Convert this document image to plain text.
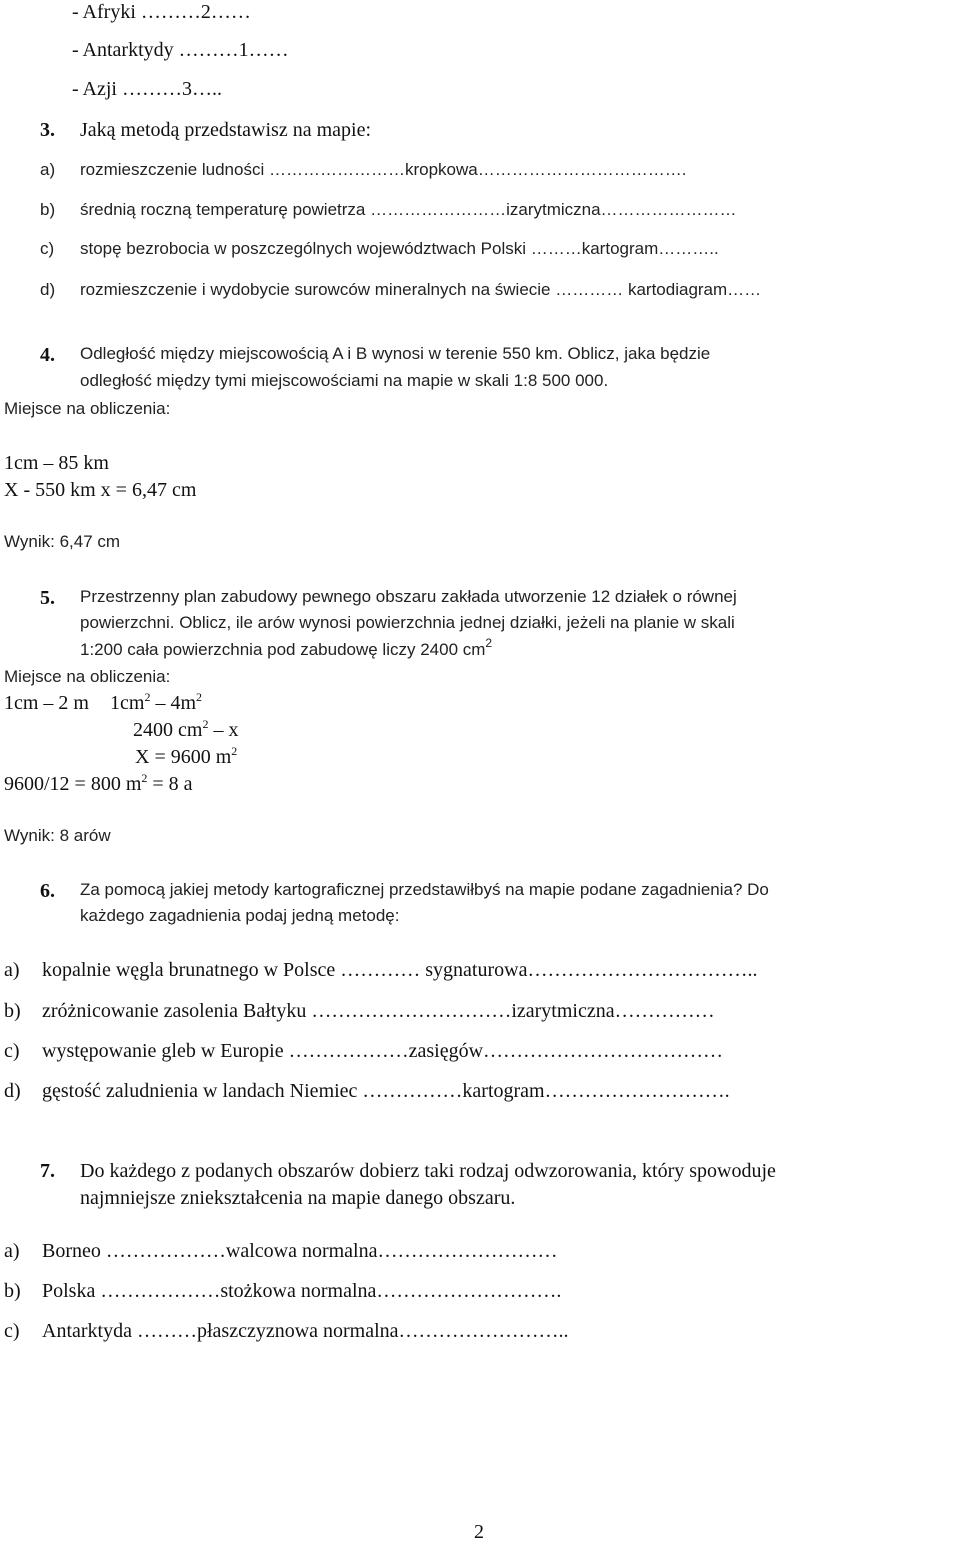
- Afryki ………2……
- Antarktydy ………1……
- Azji ………3…..
3. Jaką metodą przedstawisz na mapie:
a) rozmieszczenie ludności ……………………kropkowa……………………………….
b) średnią roczną temperaturę powietrza ……………………izarytmiczna……………………
c) stopę bezrobocia w poszczególnych województwach Polski ………kartogram………..
d) rozmieszczenie i wydobycie surowców mineralnych na świecie ………… kartodiagram……
4. Odległość między miejscowością A i B wynosi w terenie 550 km. Oblicz, jaka będzie
odległość między tymi miejscowościami na mapie w skali 1:8 500 000.
Miejsce na obliczenia:
1cm – 85 km
X - 550 km x = 6,47 cm
Wynik: 6,47 cm
5. Przestrzenny plan zabudowy pewnego obszaru zakłada utworzenie 12 działek o równej
powierzchni. Oblicz, ile arów wynosi powierzchnia jednej działki, jeżeli na planie w skali
1:200 cała powierzchnia pod zabudowę liczy 2400 $cm^2$
Miejsce na obliczenia:
1cm – 2 m $1cm^2 - 4m^2$
2400 $cm^2$ – x
X = 9600 $m^2$
9600/12 = 800 $m^2 = 8$ a
Wynik: 8 arów
6. Za pomocą jakiej metody kartograficznej przedstawiłbyś na mapie podane zagadnienia? Do
każdego zagadnienia podaj jedną metodę:
a) kopalnie węgla brunatnego w Polsce ………… sygnaturowa……………………………..
b) zróżnicowanie zasolenia Bałtyku …………………………izarytmiczna……………
c) występowanie gleb w Europie ………………zasięgów………………………………
d) gęstość zaludnienia w landach Niemiec ……………kartogram……………………….
7. Do każdego z podanych obszarów dobierz taki rodzaj odwzorowania, który spowoduje
najmniejsze zniekształcenia na mapie danego obszaru.
a) Borneo ………………walcowa normalna………………………
b) Polska ………………stożkowa normalna……………………….
c) Antarktyda ………płaszczyznowa normalna……………………..
2
